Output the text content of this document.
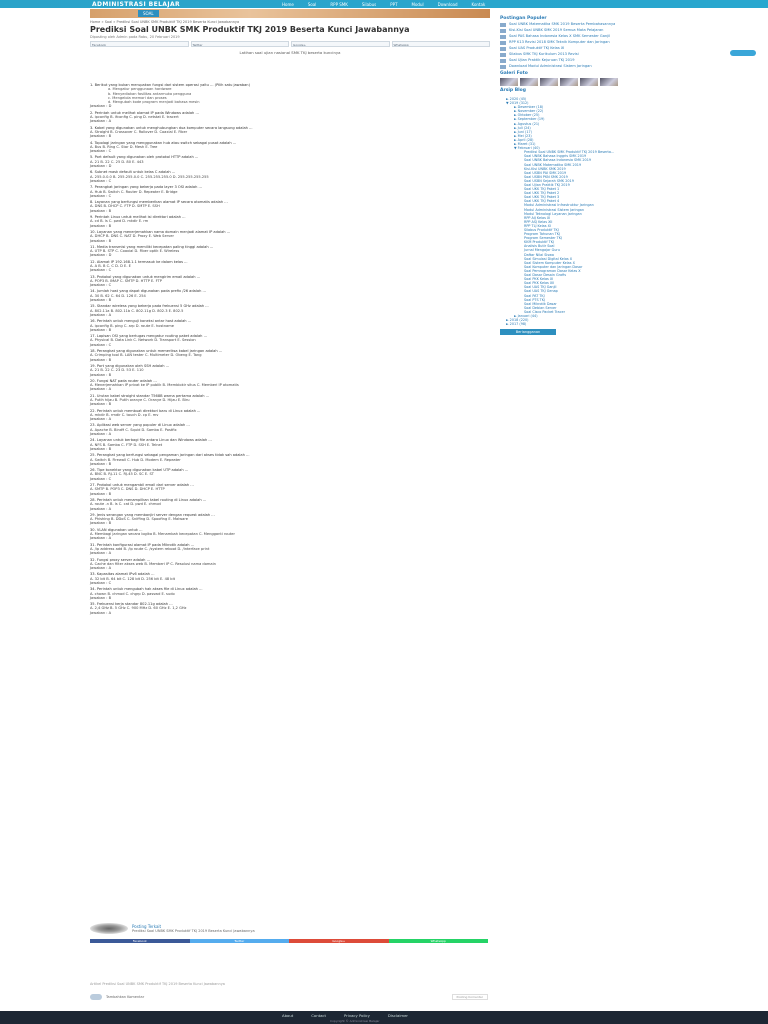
ADMINISTRASI BELAJAR	Home	Soal	RPP SMK	Silabus	PPT	Modul	Download	Kontak
SOAL
Home » Soal » Prediksi Soal UNBK SMK Produktif TKJ 2019 Beserta Kunci Jawabannya
Prediksi Soal UNBK SMK Produktif TKJ 2019 Beserta Kunci Jawabannya
Diposting oleh Admin pada Rabu, 20 Februari 2019
Facebook	Twitter	Google+	WhatsApp
Latihan soal ujian nasional SMK TKJ beserta kuncinya
1. Berikut yang bukan merupakan fungsi dari sistem operasi yaitu ... (Pilih satu jawaban)
a. Mengatur penggunaan hardware
b. Menyediakan fasilitas antarmuka pengguna
c. Mengelola memori dan proses
d. Mengubah kode program menjadi bahasa mesin
Jawaban : D
2. Perintah untuk melihat alamat IP pada Windows adalah ...
A. ipconfig B. ifconfig C. ping D. netstat E. tracert
Jawaban : A
3. Kabel yang digunakan untuk menghubungkan dua komputer secara langsung adalah ...
A. Straight B. Crossover C. Rollover D. Coaxial E. Fiber
Jawaban : B
4. Topologi jaringan yang menggunakan hub atau switch sebagai pusat adalah ...
A. Bus B. Ring C. Star D. Mesh E. Tree
Jawaban : C
5. Port default yang digunakan oleh protokol HTTP adalah ...
A. 21 B. 22 C. 25 D. 80 E. 443
Jawaban : D
6. Subnet mask default untuk kelas C adalah ...
A. 255.0.0.0 B. 255.255.0.0 C. 255.255.255.0 D. 255.255.255.255
Jawaban : C
7. Perangkat jaringan yang bekerja pada layer 3 OSI adalah ...
A. Hub B. Switch C. Router D. Repeater E. Bridge
Jawaban : C
8. Layanan yang berfungsi memberikan alamat IP secara otomatis adalah ...
A. DNS B. DHCP C. FTP D. SMTP E. SSH
Jawaban : B
9. Perintah Linux untuk melihat isi direktori adalah ...
A. cd B. ls C. pwd D. mkdir E. rm
Jawaban : B
10. Layanan yang menerjemahkan nama domain menjadi alamat IP adalah ...
A. DHCP B. DNS C. NAT D. Proxy E. Web Server
Jawaban : B
11. Media transmisi yang memiliki kecepatan paling tinggi adalah ...
A. UTP B. STP C. Coaxial D. Fiber optik E. Wireless
Jawaban : D
12. Alamat IP 192.168.1.1 termasuk ke dalam kelas ...
A. A B. B C. C D. D E. E
Jawaban : C
13. Protokol yang digunakan untuk mengirim email adalah ...
A. POP3 B. IMAP C. SMTP D. HTTP E. FTP
Jawaban : C
14. Jumlah host yang dapat digunakan pada prefix /26 adalah ...
A. 30 B. 62 C. 64 D. 126 E. 254
Jawaban : B
15. Standar wireless yang bekerja pada frekuensi 5 GHz adalah ...
A. 802.11a B. 802.11b C. 802.11g D. 802.3 E. 802.5
Jawaban : A
16. Perintah untuk menguji koneksi antar host adalah ...
A. ipconfig B. ping C. arp D. route E. hostname
Jawaban : B
17. Lapisan OSI yang bertugas mengatur routing paket adalah ...
A. Physical B. Data Link C. Network D. Transport E. Session
Jawaban : C
18. Perangkat yang digunakan untuk memeriksa kabel jaringan adalah ...
A. Crimping tool B. LAN tester C. Multimeter D. Obeng E. Tang
Jawaban : B
19. Port yang digunakan oleh SSH adalah ...
A. 21 B. 22 C. 23 D. 53 E. 110
Jawaban : B
20. Fungsi NAT pada router adalah ...
A. Menerjemahkan IP privat ke IP publik B. Memblokir situs C. Memberi IP otomatis
Jawaban : A
21. Urutan kabel straight standar T568B warna pertama adalah ...
A. Putih hijau B. Putih oranye C. Oranye D. Hijau E. Biru
Jawaban : B
22. Perintah untuk membuat direktori baru di Linux adalah ...
A. mkdir B. rmdir C. touch D. cp E. mv
Jawaban : A
23. Aplikasi web server yang populer di Linux adalah ...
A. Apache B. Bind9 C. Squid D. Samba E. Postfix
Jawaban : A
24. Layanan untuk berbagi file antara Linux dan Windows adalah ...
A. NFS B. Samba C. FTP D. SSH E. Telnet
Jawaban : B
25. Perangkat yang berfungsi sebagai pengaman jaringan dari akses tidak sah adalah ...
A. Switch B. Firewall C. Hub D. Modem E. Repeater
Jawaban : B
26. Tipe konektor yang digunakan kabel UTP adalah ...
A. BNC B. RJ-11 C. RJ-45 D. SC E. ST
Jawaban : C
27. Protokol untuk mengambil email dari server adalah ...
A. SMTP B. POP3 C. DNS D. DHCP E. HTTP
Jawaban : B
28. Perintah untuk menampilkan tabel routing di Linux adalah ...
A. route -n B. ls C. cat D. pwd E. chmod
Jawaban : A
29. Jenis serangan yang membanjiri server dengan request adalah ...
A. Phishing B. DDoS C. Sniffing D. Spoofing E. Malware
Jawaban : B
30. VLAN digunakan untuk ...
A. Membagi jaringan secara logika B. Menambah kecepatan C. Mengganti router
Jawaban : A
31. Perintah konfigurasi alamat IP pada Mikrotik adalah ...
A. /ip address add B. /ip route C. /system reboot D. /interface print
Jawaban : A
32. Fungsi proxy server adalah ...
A. Cache dan filter akses web B. Memberi IP C. Resolusi nama domain
Jawaban : A
33. Kapasitas alamat IPv6 adalah ...
A. 32 bit B. 64 bit C. 128 bit D. 256 bit E. 48 bit
Jawaban : C
34. Perintah untuk mengubah hak akses file di Linux adalah ...
A. chown B. chmod C. chgrp D. passwd E. sudo
Jawaban : B
35. Frekuensi kerja standar 802.11g adalah ...
A. 2,4 GHz B. 5 GHz C. 900 MHz D. 60 GHz E. 1,2 GHz
Jawaban : A
Posting Terkait
Prediksi Soal UNBK SMK Produktif TKJ 2019 Beserta Kunci Jawabannya
Facebook	Twitter	Google+	WhatsApp
Artikel Prediksi Soal UNBK SMK Produktif TKJ 2019 Beserta Kunci Jawabannya
Tambahkan Komentar	Posting Komentar
Postingan Populer
Soal UNBK Matematika SMK 2019 Beserta Pembahasannya
Kisi-Kisi Soal UNBK SMK 2019 Semua Mata Pelajaran
Soal PAS Bahasa Indonesia Kelas X SMK Semester Ganjil
RPP K13 Revisi 2018 SMK Teknik Komputer dan Jaringan
Soal UAS Produktif TKJ Kelas XI
Silabus SMK TKJ Kurikulum 2013 Revisi
Soal Ujian Praktik Kejuruan TKJ 2019
Download Modul Administrasi Sistem Jaringan
Galeri Foto
Arsip Blog
► 2020 (45)
▼ 2019 (312)
► Desember (18)
► November (22)
► Oktober (25)
► September (19)
► Agustus (21)
► Juli (24)
► Juni (17)
► Mei (23)
► April (28)
► Maret (31)
▼ Februari (40)
Prediksi Soal UNBK SMK Produktif TKJ 2019 Beserta...
Soal UNBK Bahasa Inggris SMK 2019
Soal UNBK Bahasa Indonesia SMK 2019
Soal UNBK Matematika SMK 2019
Kisi-Kisi UNBK SMK 2019
Soal USBN PAI SMK 2019
Soal USBN PKN SMK 2019
Soal USBN Sejarah SMK 2019
Soal Ujian Praktik TKJ 2019
Soal UKK TKJ Paket 1
Soal UKK TKJ Paket 2
Soal UKK TKJ Paket 3
Soal UKK TKJ Paket 4
Modul Administrasi Infrastruktur Jaringan
Modul Administrasi Sistem Jaringan
Modul Teknologi Layanan Jaringan
RPP AIJ Kelas XI
RPP ASJ Kelas XII
RPP TLJ Kelas XI
Silabus Produktif TKJ
Program Tahunan TKJ
Program Semester TKJ
KKM Produktif TKJ
Analisis Butir Soal
Jurnal Mengajar Guru
Daftar Nilai Siswa
Soal Simulasi Digital Kelas X
Soal Sistem Komputer Kelas X
Soal Komputer dan Jaringan Dasar
Soal Pemrograman Dasar Kelas X
Soal Dasar Desain Grafis
Soal PKK Kelas XI
Soal PKK Kelas XII
Soal UAS TKJ Ganjil
Soal UAS TKJ Genap
Soal PAT TKJ
Soal PTS TKJ
Soal Mikrotik Dasar
Soal Debian Server
Soal Cisco Packet Tracer
► Januari (44)
► 2018 (220)
► 2017 (98)
Berlangganan
About	Contact	Privacy Policy	Disclaimer
Copyright © Administrasi Belajar
